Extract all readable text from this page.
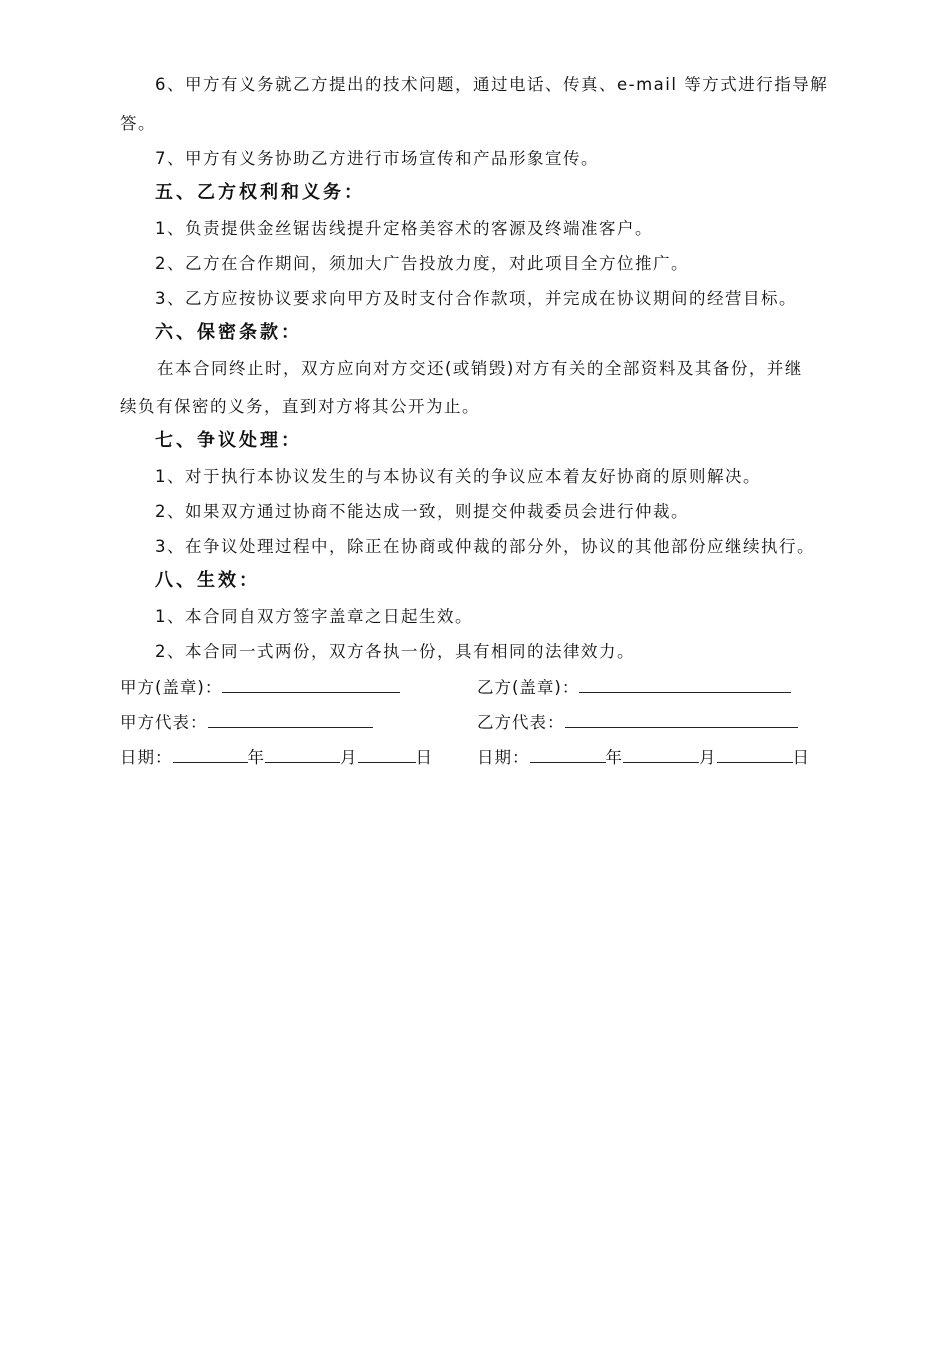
6、甲方有义务就乙方提出的技术问题，通过电话、传真、e-mail 等方式进行指导解
答。
7、甲方有义务协助乙方进行市场宣传和产品形象宣传。
五、乙方权利和义务：
1、负责提供金丝锯齿线提升定格美容术的客源及终端准客户。
2、乙方在合作期间，须加大广告投放力度，对此项目全方位推广。
3、乙方应按协议要求向甲方及时支付合作款项，并完成在协议期间的经营目标。
六、保密条款：
在本合同终止时，双方应向对方交还(或销毁)对方有关的全部资料及其备份，并继
续负有保密的义务，直到对方将其公开为止。
七、争议处理：
1、对于执行本协议发生的与本协议有关的争议应本着友好协商的原则解决。
2、如果双方通过协商不能达成一致，则提交仲裁委员会进行仲裁。
3、在争议处理过程中，除正在协商或仲裁的部分外，协议的其他部份应继续执行。
八、生效：
1、本合同自双方签字盖章之日起生效。
2、本合同一式两份，双方各执一份，具有相同的法律效力。
甲方(盖章)：	乙方(盖章)：
甲方代表：	乙方代表：
日期：	年	月	日	日期：	年	月	日
